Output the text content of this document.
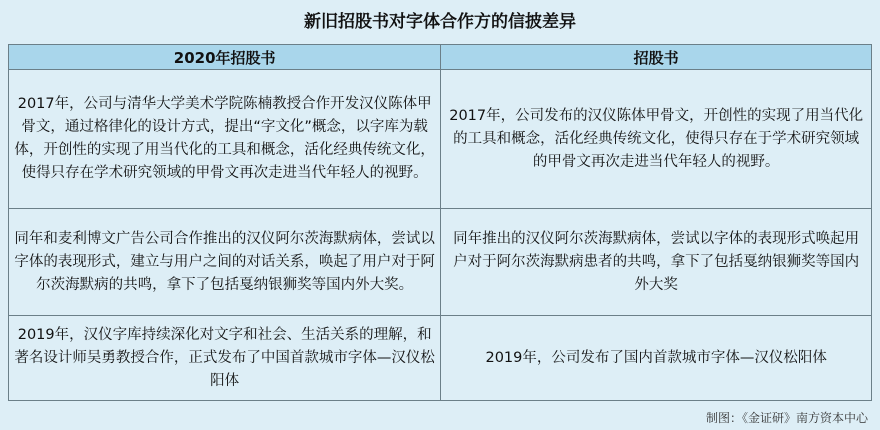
新旧招股书对字体合作方的信披差异
2020年招股书	招股书
2017年，公司与清华大学美术学院陈楠教授合作开发汉仪陈体甲骨文，通过格律化的设计方式，提出“字文化”概念，以字库为载体，开创性的实现了用当代化的工具和概念，活化经典传统文化，使得只存在学术研究领域的甲骨文再次走进当代年轻人的视野。	2017年，公司发布的汉仪陈体甲骨文，开创性的实现了用当代化的工具和概念，活化经典传统文化，使得只存在于学术研究领域的甲骨文再次走进当代年轻人的视野。
同年和麦利博文广告公司合作推出的汉仪阿尔茨海默病体，尝试以字体的表现形式，建立与用户之间的对话关系，唤起了用户对于阿尔茨海默病的共鸣，拿下了包括戛纳银狮奖等国内外大奖。	同年推出的汉仪阿尔茨海默病体，尝试以字体的表现形式唤起用户对于阿尔茨海默病患者的共鸣，拿下了包括戛纳银狮奖等国内外大奖
2019年，汉仪字库持续深化对文字和社会、生活关系的理解，和著名设计师吴勇教授合作，正式发布了中国首款城市字体—汉仪松阳体	2019年，公司发布了国内首款城市字体—汉仪松阳体
制图：《金证研》南方资本中心
